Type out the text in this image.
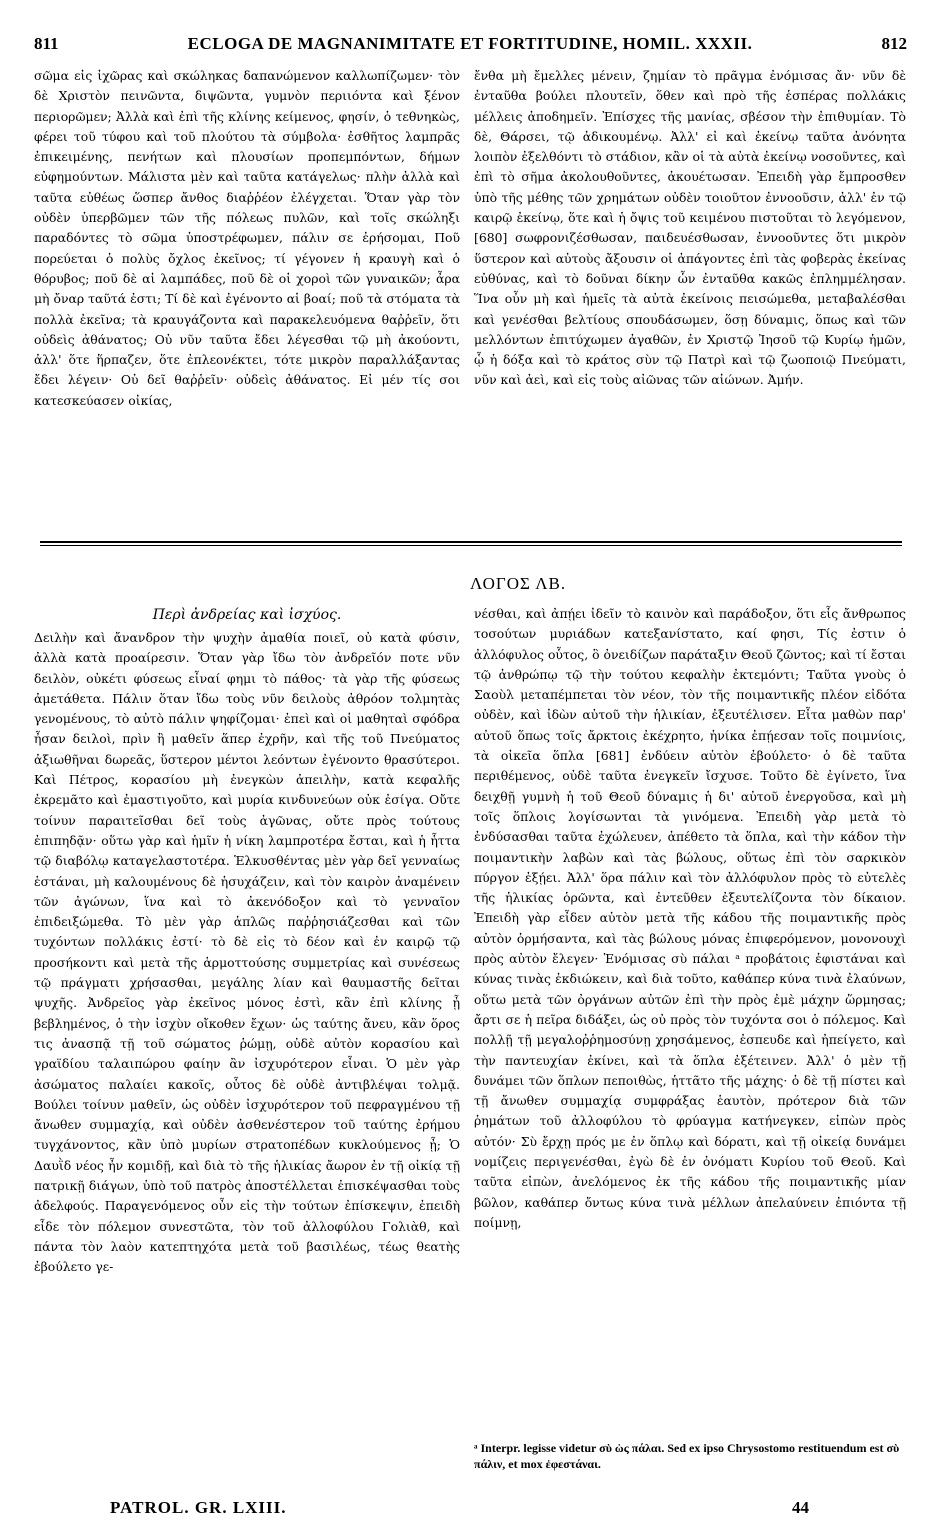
811	ECLOGA DE MAGNANIMITATE ET FORTITUDINE, HOMIL. XXXII.	812

σῶμα εἰς ἰχῶρας καὶ σκώληκας δαπανώμενον καλλωπίζωμεν· τὸν δὲ Χριστὸν πεινῶντα, διψῶντα, γυμνὸν περιιόντα καὶ ξένον περιορῶμεν; Ἀλλὰ καὶ ἐπὶ τῆς κλίνης κείμενος, φησίν, ὁ τεθνηκὼς, φέρει τοῦ τύφου καὶ τοῦ πλούτου τὰ σύμβολα· ἐσθῆτος λαμπρᾶς ἐπικειμένης, πενήτων καὶ πλουσίων προπεμπόντων, δήμων εὐφημούντων. Μάλιστα μὲν καὶ ταῦτα κατάγελως· πλὴν ἀλλὰ καὶ ταῦτα εὐθέως ὥσπερ ἄνθος διαῤῥέον ἐλέγχεται. Ὅταν γὰρ τὸν οὐδὲν ὑπερβῶμεν τῶν τῆς πόλεως πυλῶν, καὶ τοῖς σκώληξι παραδόντες τὸ σῶμα ὑποστρέφωμεν, πάλιν σε ἐρήσομαι, Ποῦ πορεύεται ὁ πολὺς ὄχλος ἐκεῖνος; τί γέγονεν ἡ κραυγὴ καὶ ὁ θόρυβος; ποῦ δὲ αἱ λαμπάδες, ποῦ δὲ οἱ χοροὶ τῶν γυναικῶν; ἆρα μὴ ὄναρ ταῦτά ἐστι; Τί δὲ καὶ ἐγένοντο αἱ βοαί; ποῦ τὰ στόματα τὰ πολλὰ ἐκεῖνα; τὰ κραυγάζοντα καὶ παρακελευόμενα θαῤῥεῖν, ὅτι οὐδεὶς ἀθάνατος; Οὐ νῦν ταῦτα ἔδει λέγεσθαι τῷ μὴ ἀκούοντι, ἀλλ' ὅτε ἥρπαζεν, ὅτε ἐπλεονέκτει, τότε μικρὸν παραλλάξαντας ἔδει λέγειν· Οὐ δεῖ θαῤῥεῖν· οὐδεὶς ἀθάνατος. Εἰ μέν τίς σοι κατεσκεύασεν οἰκίας,

ἔνθα μὴ ἔμελλες μένειν, ζημίαν τὸ πρᾶγμα ἐνόμισας ἄν· νῦν δὲ ἐνταῦθα βούλει πλουτεῖν, ὅθεν καὶ πρὸ τῆς ἑσπέρας πολλάκις μέλλεις ἀποδημεῖν. Ἐπίσχες τῆς μανίας, σβέσον τὴν ἐπιθυμίαν. Τὸ δὲ, Θάρσει, τῷ ἀδικουμένῳ. Ἀλλ' εἰ καὶ ἐκείνῳ ταῦτα ἀνόνητα λοιπὸν ἐξελθόντι τὸ στάδιον, κἂν οἱ τὰ αὐτὰ ἐκείνῳ νοσοῦντες, καὶ ἐπὶ τὸ σῆμα ἀκολουθοῦντες, ἀκουέτωσαν. Ἐπειδὴ γὰρ ἔμπροσθεν ὑπὸ τῆς μέθης τῶν χρημάτων οὐδὲν τοιοῦτον ἐννοοῦσιν, ἀλλ' ἐν τῷ καιρῷ ἐκείνῳ, ὅτε καὶ ἡ ὄψις τοῦ κειμένου πιστοῦται τὸ λεγόμενον, [680] σωφρονιζέσθωσαν, παιδευέσθωσαν, ἐννοοῦντες ὅτι μικρὸν ὕστερον καὶ αὐτοὺς ἄξουσιν οἱ ἀπάγοντες ἐπὶ τὰς φοβερὰς ἐκείνας εὐθύνας, καὶ τὸ δοῦναι δίκην ὧν ἐνταῦθα κακῶς ἐπλημμέλησαν. Ἵνα οὖν μὴ καὶ ἡμεῖς τὰ αὐτὰ ἐκείνοις πεισώμεθα, μεταβαλέσθαι καὶ γενέσθαι βελτίους σπουδάσωμεν, ὅσῃ δύναμις, ὅπως καὶ τῶν μελλόντων ἐπιτύχωμεν ἀγαθῶν, ἐν Χριστῷ Ἰησοῦ τῷ Κυρίῳ ἡμῶν, ᾧ ἡ δόξα καὶ τὸ κράτος σὺν τῷ Πατρὶ καὶ τῷ ζωοποιῷ Πνεύματι, νῦν καὶ ἀεὶ, καὶ εἰς τοὺς αἰῶνας τῶν αἰώνων. Ἀμήν.

ΛΟΓΟΣ ΛΒ.

Περὶ ἀνδρείας καὶ ἰσχύος.

Δειλὴν καὶ ἄνανδρον τὴν ψυχὴν ἀμαθία ποιεῖ, οὐ κατὰ φύσιν, ἀλλὰ κατὰ προαίρεσιν. Ὅταν γὰρ ἴδω τὸν ἀνδρεῖόν ποτε νῦν δειλὸν, οὐκέτι φύσεως εἶναί φημι τὸ πάθος· τὰ γὰρ τῆς φύσεως ἀμετάθετα. Πάλιν ὅταν ἴδω τοὺς νῦν δειλοὺς ἀθρόον τολμητὰς γενομένους, τὸ αὐτὸ πάλιν ψηφίζομαι· ἐπεὶ καὶ οἱ μαθηταὶ σφόδρα ἦσαν δειλοὶ, πρὶν ἢ μαθεῖν ἅπερ ἐχρῆν, καὶ τῆς τοῦ Πνεύματος ἀξιωθῆναι δωρεᾶς, ὕστερον μέντοι λεόντων ἐγένοντο θρασύτεροι. Καὶ Πέτρος, κορασίου μὴ ἐνεγκὼν ἀπειλὴν, κατὰ κεφαλῆς ἐκρεμᾶτο καὶ ἐμαστιγοῦτο, καὶ μυρία κινδυνεύων οὐκ ἐσίγα. Οὔτε τοίνυν παραιτεῖσθαι δεῖ τοὺς ἀγῶνας, οὔτε πρὸς τούτους ἐπιπηδᾷν· οὕτω γὰρ καὶ ἡμῖν ἡ νίκη λαμπροτέρα ἔσται, καὶ ἡ ἧττα τῷ διαβόλῳ καταγελαστοτέρα. Ἑλκυσθέντας μὲν γὰρ δεῖ γενναίως ἑστάναι, μὴ καλουμένους δὲ ἡσυχάζειν, καὶ τὸν καιρὸν ἀναμένειν τῶν ἀγώνων, ἵνα καὶ τὸ ἀκενόδοξον καὶ τὸ γενναῖον ἐπιδειξώμεθα. Τὸ μὲν γὰρ ἁπλῶς παῤῥησιάζεσθαι καὶ τῶν τυχόντων πολλάκις ἐστί· τὸ δὲ εἰς τὸ δέον καὶ ἐν καιρῷ τῷ προσήκοντι καὶ μετὰ τῆς ἁρμοττούσης συμμετρίας καὶ συνέσεως τῷ πράγματι χρήσασθαι, μεγάλης λίαν καὶ θαυμαστῆς δεῖται ψυχῆς. Ἀνδρεῖος γὰρ ἐκεῖνος μόνος ἐστὶ, κἂν ἐπὶ κλίνης ᾖ βεβλημένος, ὁ τὴν ἰσχὺν οἴκοθεν ἔχων· ὡς ταύτης ἄνευ, κἂν ὅρος τις ἀνασπᾷ τῇ τοῦ σώματος ῥώμῃ, οὐδὲ αὐτὸν κορασίου καὶ γραϊδίου ταλαιπώρου φαίην ἂν ἰσχυρότερον εἶναι. Ὁ μὲν γὰρ ἀσώματος παλαίει κακοῖς, οὗτος δὲ οὐδὲ ἀντιβλέψαι τολμᾷ. Βούλει τοίνυν μαθεῖν, ὡς οὐδὲν ἰσχυρότερον τοῦ πεφραγμένου τῇ ἄνωθεν συμμαχίᾳ, καὶ οὐδὲν ἀσθενέστερον τοῦ ταύτης ἐρήμου τυγχάνοντος, κἂν ὑπὸ μυρίων στρατοπέδων κυκλούμενος ᾖ; Ὁ Δαυῒδ νέος ἦν κομιδῇ, καὶ διὰ τὸ τῆς ἡλικίας ἄωρον ἐν τῇ οἰκίᾳ τῇ πατρικῇ διάγων, ὑπὸ τοῦ πατρὸς ἀποστέλλεται ἐπισκέψασθαι τοὺς ἀδελφούς. Παραγενόμενος οὖν εἰς τὴν τούτων ἐπίσκεψιν, ἐπειδὴ εἶδε τὸν πόλεμον συνεστῶτα, τὸν τοῦ ἀλλοφύλου Γολιὰθ, καὶ πάντα τὸν λαὸν κατεπτηχότα μετὰ τοῦ βασιλέως, τέως θεατὴς ἐβούλετο γε-

νέσθαι, καὶ ἀπῄει ἰδεῖν τὸ καινὸν καὶ παράδοξον, ὅτι εἷς ἄνθρωπος τοσούτων μυριάδων κατεξανίστατο, καί φησι, Τίς ἐστιν ὁ ἀλλόφυλος οὗτος, ὃ ὀνειδίζων παράταξιν Θεοῦ ζῶντος; καὶ τί ἔσται τῷ ἀνθρώπῳ τῷ τὴν τούτου κεφαλὴν ἐκτεμόντι; Ταῦτα γνοὺς ὁ Σαοὺλ μεταπέμπεται τὸν νέον, τὸν τῆς ποιμαντικῆς πλέον εἰδότα οὐδὲν, καὶ ἰδὼν αὐτοῦ τὴν ἡλικίαν, ἐξευτέλισεν. Εἶτα μαθὼν παρ' αὐτοῦ ὅπως τοῖς ἄρκτοις ἐκέχρητο, ἡνίκα ἐπῄεσαν τοῖς ποιμνίοις, τὰ οἰκεῖα ὅπλα [681] ἐνδύειν αὐτὸν ἐβούλετο· ὁ δὲ ταῦτα περιθέμενος, οὐδὲ ταῦτα ἐνεγκεῖν ἴσχυσε. Τοῦτο δὲ ἐγίνετο, ἵνα δειχθῇ γυμνὴ ἡ τοῦ Θεοῦ δύναμις ἡ δι' αὐτοῦ ἐνεργοῦσα, καὶ μὴ τοῖς ὅπλοις λογίσωνται τὰ γινόμενα. Ἐπειδὴ γὰρ μετὰ τὸ ἐνδύσασθαι ταῦτα ἐχώλευεν, ἀπέθετο τὰ ὅπλα, καὶ τὴν κάδον τὴν ποιμαντικὴν λαβὼν καὶ τὰς βώλους, οὕτως ἐπὶ τὸν σαρκικὸν πύργον ἐξῄει. Ἀλλ' ὅρα πάλιν καὶ τὸν ἀλλόφυλον πρὸς τὸ εὐτελὲς τῆς ἡλικίας ὁρῶντα, καὶ ἐντεῦθεν ἐξευτελίζοντα τὸν δίκαιον. Ἐπειδὴ γὰρ εἶδεν αὐτὸν μετὰ τῆς κάδου τῆς ποιμαντικῆς πρὸς αὐτὸν ὁρμήσαντα, καὶ τὰς βώλους μόνας ἐπιφερόμενον, μονονουχὶ πρὸς αὐτὸν ἔλεγεν· Ἐνόμισας σὺ πάλαι ᵃ προβάτοις ἐφιστάναι καὶ κύνας τινὰς ἐκδιώκειν, καὶ διὰ τοῦτο, καθάπερ κύνα τινὰ ἐλαύνων, οὕτω μετὰ τῶν ὀργάνων αὐτῶν ἐπὶ τὴν πρὸς ἐμὲ μάχην ὥρμησας; ἄρτι σε ἡ πεῖρα διδάξει, ὡς οὐ πρὸς τὸν τυχόντα σοι ὁ πόλεμος. Καὶ πολλῇ τῇ μεγαλοῤῥημοσύνῃ χρησάμενος, ἐσπευδε καὶ ἠπείγετο, καὶ τὴν παντευχίαν ἐκίνει, καὶ τὰ ὅπλα ἐξέτεινεν. Ἀλλ' ὁ μὲν τῇ δυνάμει τῶν ὅπλων πεποιθὼς, ἡττᾶτο τῆς μάχης· ὁ δὲ τῇ πίστει καὶ τῇ ἄνωθεν συμμαχίᾳ συμφράξας ἑαυτὸν, πρότερον διὰ τῶν ῥημάτων τοῦ ἀλλοφύλου τὸ φρύαγμα κατήνεγκεν, εἰπὼν πρὸς αὐτόν· Σὺ ἔρχῃ πρός με ἐν ὅπλῳ καὶ δόρατι, καὶ τῇ οἰκείᾳ δυνάμει νομίζεις περιγενέσθαι, ἐγὼ δὲ ἐν ὀνόματι Κυρίου τοῦ Θεοῦ. Καὶ ταῦτα εἰπὼν, ἀνελόμενος ἐκ τῆς κάδου τῆς ποιμαντικῆς μίαν βῶλον, καθάπερ ὄντως κύνα τινὰ μέλλων ἀπελαύνειν ἐπιόντα τῇ ποίμνῃ,

ᵃ Interpr. legisse videtur σὺ ὡς πάλαι. Sed ex ipso Chrysostomo restituendum est σὺ πάλιν, et mox ἐφεστάναι.
PATROL. GR. LXIII.	44
